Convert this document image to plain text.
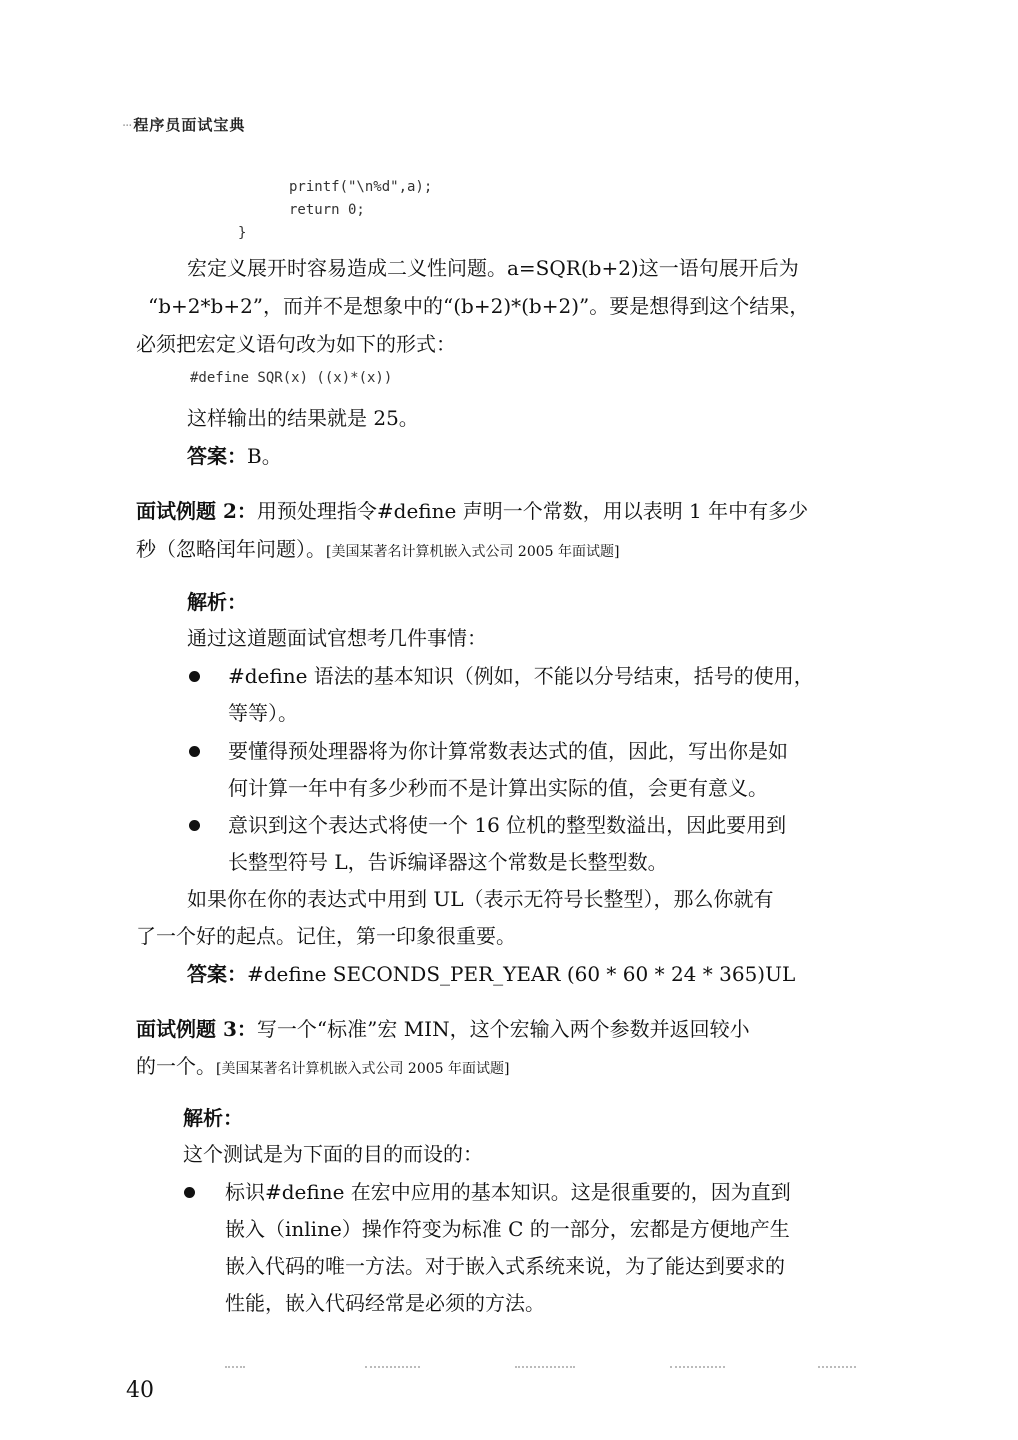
··· 程序员面试宝典
printf("\n%d",a);
return 0;
}
宏定义展开时容易造成二义性问题。a=SQR(b+2)这一语句展开后为
“b+2*b+2”，而并不是想象中的“(b+2)*(b+2)”。要是想得到这个结果，
必须把宏定义语句改为如下的形式：
#define SQR(x) ((x)*(x))
这样输出的结果就是 25。
答案：B。
面试例题 2：用预处理指令#define 声明一个常数，用以表明 1 年中有多少
秒（忽略闰年问题）。[美国某著名计算机嵌入式公司 2005 年面试题]
解析：
通过这道题面试官想考几件事情：
#define 语法的基本知识（例如，不能以分号结束，括号的使用，
等等）。
要懂得预处理器将为你计算常数表达式的值，因此，写出你是如
何计算一年中有多少秒而不是计算出实际的值，会更有意义。
意识到这个表达式将使一个 16 位机的整型数溢出，因此要用到
长整型符号 L，告诉编译器这个常数是长整型数。
如果你在你的表达式中用到 UL（表示无符号长整型），那么你就有
了一个好的起点。记住，第一印象很重要。
答案：#define SECONDS_PER_YEAR (60 * 60 * 24 * 365)UL
面试例题 3：写一个“标准”宏 MIN，这个宏输入两个参数并返回较小
的一个。[美国某著名计算机嵌入式公司 2005 年面试题]
解析：
这个测试是为下面的目的而设的：
标识#define 在宏中应用的基本知识。这是很重要的，因为直到
嵌入（inline）操作符变为标准 C 的一部分，宏都是方便地产生
嵌入代码的唯一方法。对于嵌入式系统来说，为了能达到要求的
性能，嵌入代码经常是必须的方法。
40
